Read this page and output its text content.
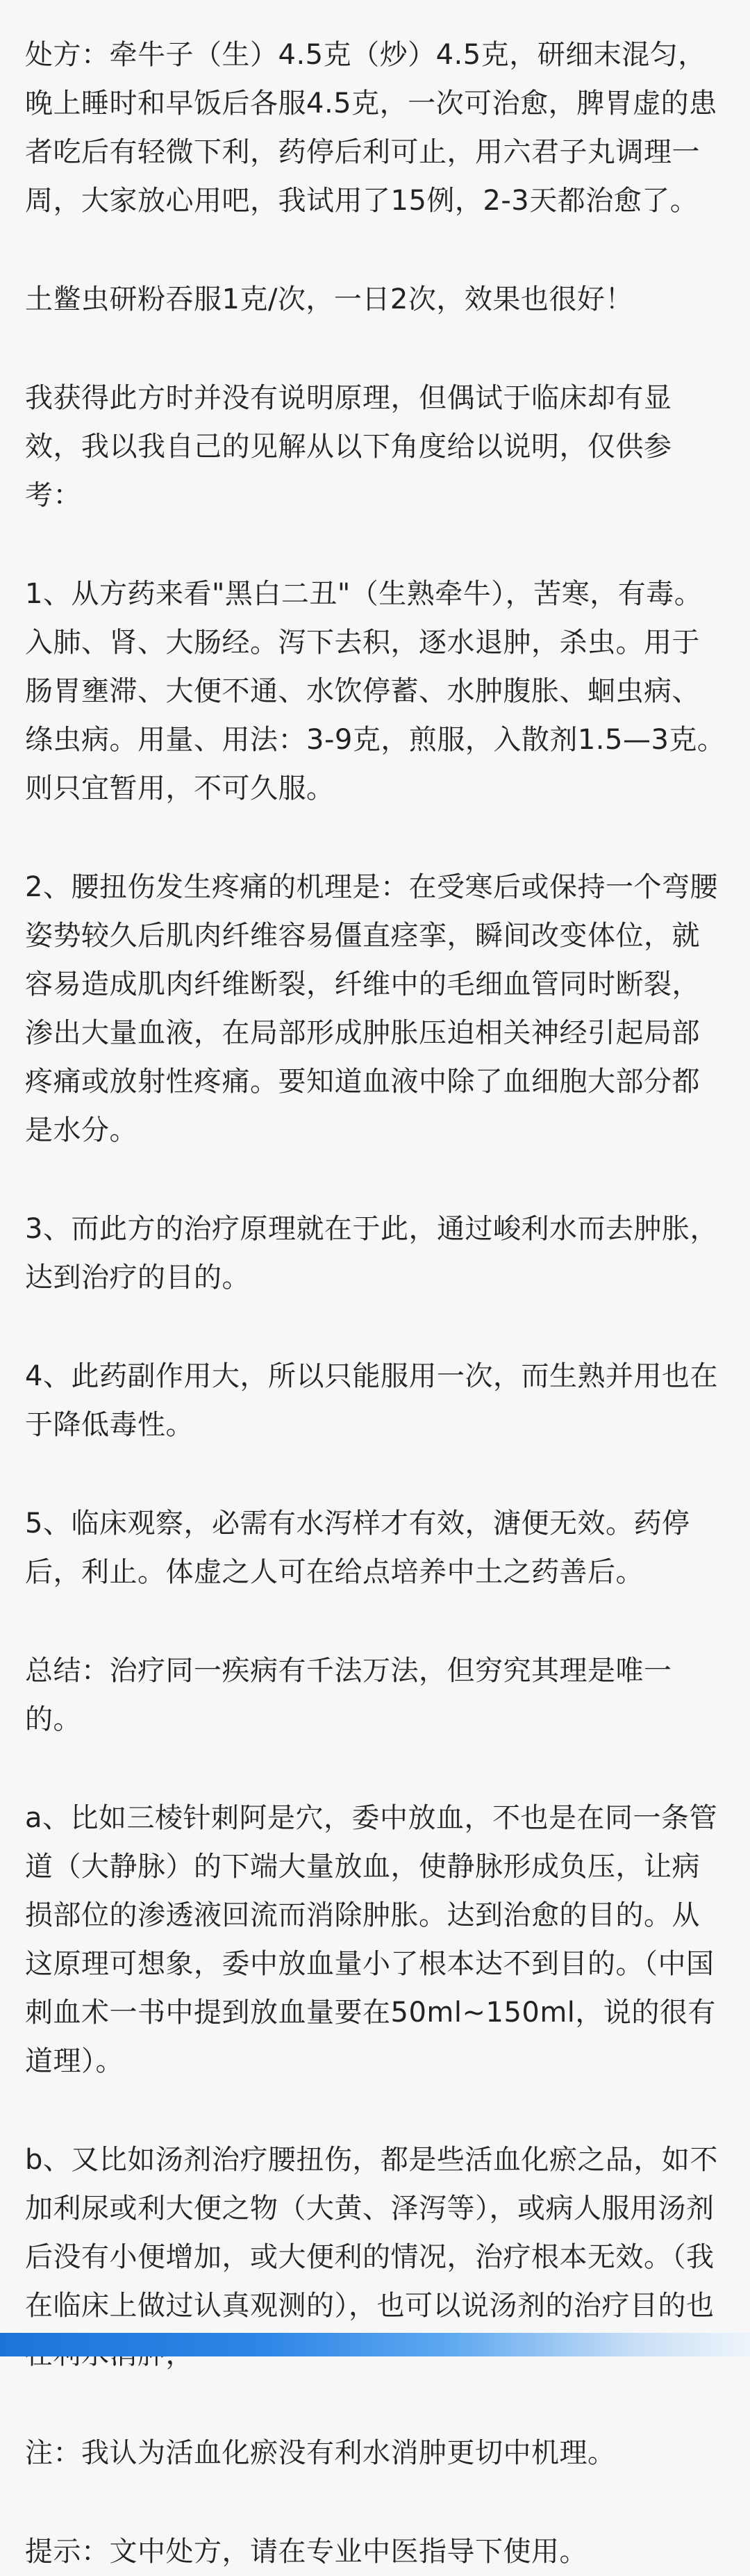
处方：牵牛子（生）4.5克（炒）4.5克，研细末混匀，晚上睡时和早饭后各服4.5克，一次可治愈，脾胃虚的患者吃后有轻微下利，药停后利可止，用六君子丸调理一周，大家放心用吧，我试用了15例，2-3天都治愈了。

土鳖虫研粉吞服1克/次，一日2次，效果也很好！

我获得此方时并没有说明原理，但偶试于临床却有显效，我以我自己的见解从以下角度给以说明，仅供参考：

1、从方药来看"黑白二丑"（生熟牵牛），苦寒，有毒。入肺、肾、大肠经。泻下去积，逐水退肿，杀虫。用于肠胃壅滞、大便不通、水饮停蓄、水肿腹胀、蛔虫病、绦虫病。用量、用法：3-9克，煎服，入散剂1.5—3克。则只宜暂用，不可久服。

2、腰扭伤发生疼痛的机理是：在受寒后或保持一个弯腰姿势较久后肌肉纤维容易僵直痉挛，瞬间改变体位，就容易造成肌肉纤维断裂，纤维中的毛细血管同时断裂，渗出大量血液，在局部形成肿胀压迫相关神经引起局部疼痛或放射性疼痛。要知道血液中除了血细胞大部分都是水分。

3、而此方的治疗原理就在于此，通过峻利水而去肿胀，达到治疗的目的。

4、此药副作用大，所以只能服用一次，而生熟并用也在于降低毒性。

5、临床观察，必需有水泻样才有效，溏便无效。药停后，利止。体虚之人可在给点培养中土之药善后。

总结：治疗同一疾病有千法万法，但穷究其理是唯一的。

a、比如三棱针刺阿是穴，委中放血，不也是在同一条管道（大静脉）的下端大量放血，使静脉形成负压，让病损部位的渗透液回流而消除肿胀。达到治愈的目的。从这原理可想象，委中放血量小了根本达不到目的。（中国刺血术一书中提到放血量要在50ml~150ml，说的很有道理）。

b、又比如汤剂治疗腰扭伤，都是些活血化瘀之品，如不加利尿或利大便之物（大黄、泽泻等），或病人服用汤剂后没有小便增加，或大便利的情况，治疗根本无效。（我在临床上做过认真观测的），也可以说汤剂的治疗目的也

注：我认为活血化瘀没有利水消肿更切中机理。

提示：文中处方，请在专业中医指导下使用。
